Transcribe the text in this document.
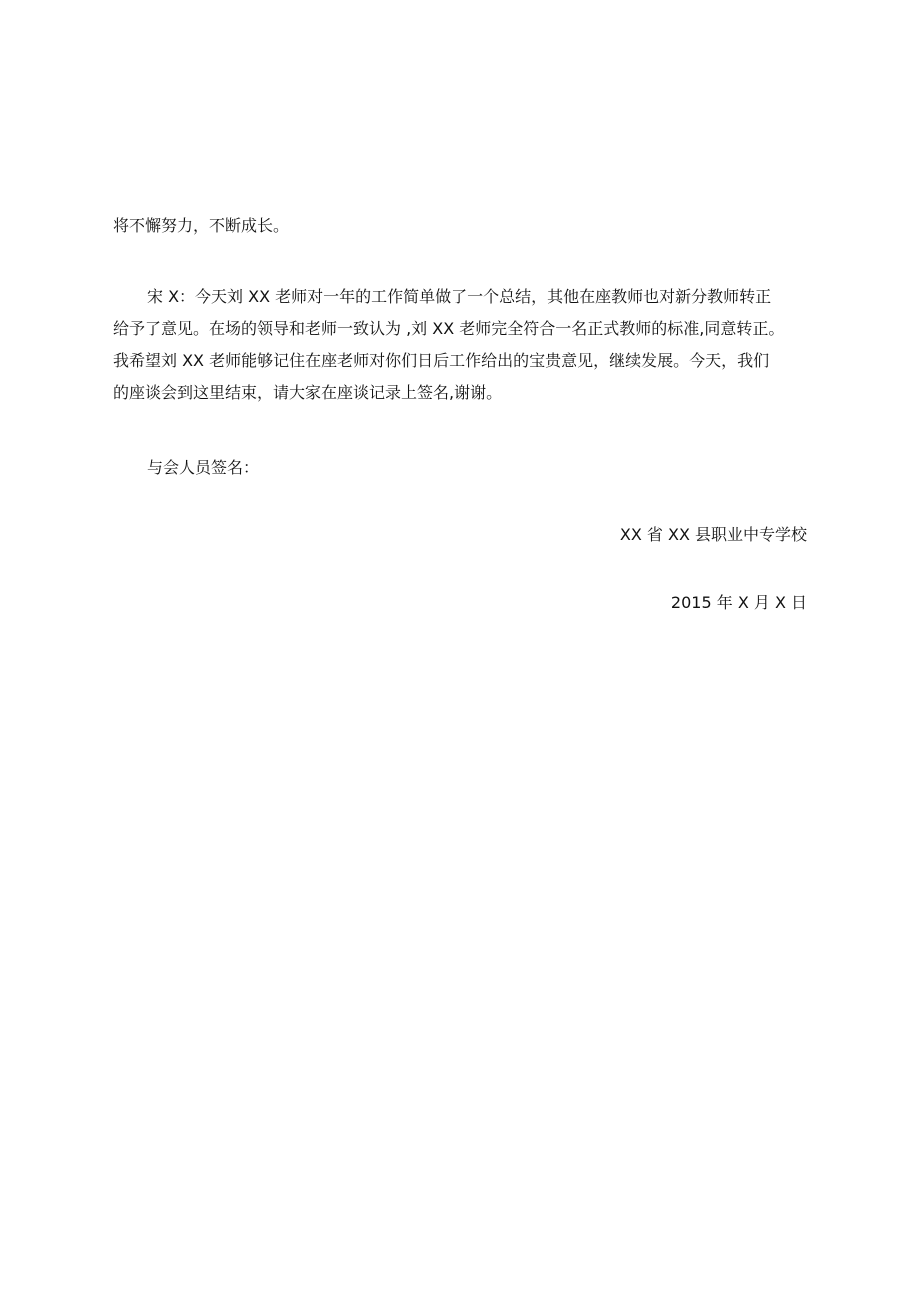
将不懈努力，不断成长。
宋 X：今天刘 XX 老师对一年的工作简单做了一个总结，其他在座教师也对新分教师转正
给予了意见。在场的领导和老师一致认为 ,刘 XX 老师完全符合一名正式教师的标准,同意转正。
我希望刘 XX 老师能够记住在座老师对你们日后工作给出的宝贵意见，继续发展。今天，我们
的座谈会到这里结束，请大家在座谈记录上签名,谢谢。
与会人员签名：
XX 省 XX 县职业中专学校
2015 年 X 月 X 日
